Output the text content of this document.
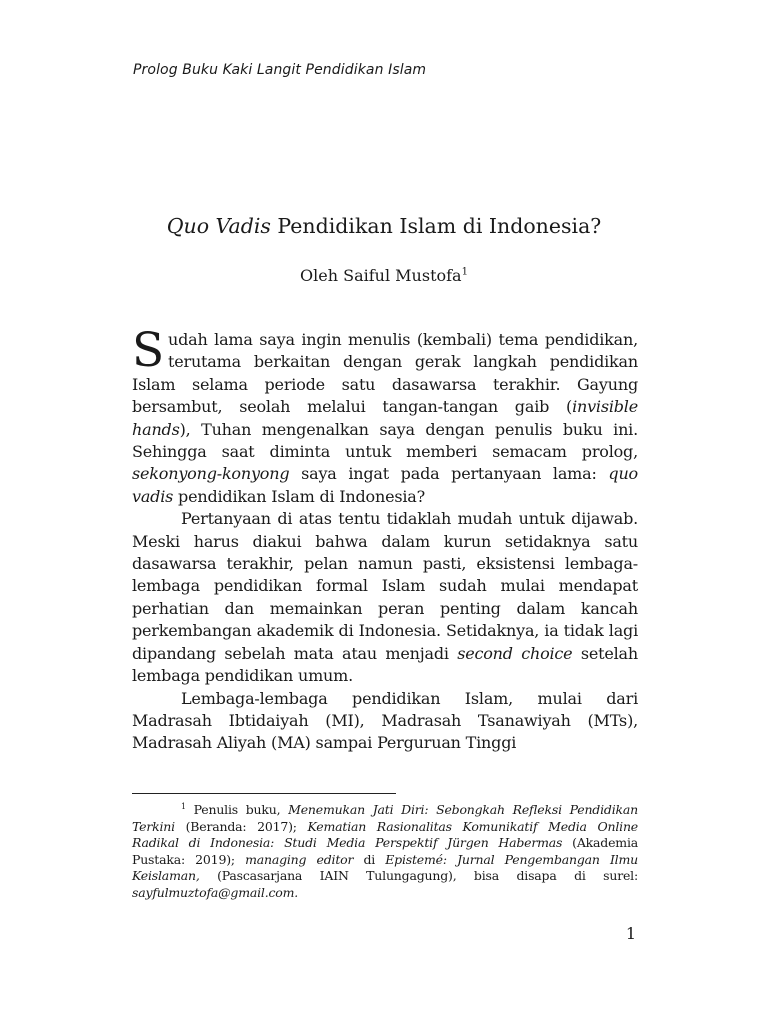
Prolog Buku Kaki Langit Pendidikan Islam
Quo Vadis Pendidikan Islam di Indonesia?
Oleh Saiful Mustofa$^1$

Sudah lama saya ingin menulis (kembali) tema pendidikan, terutama berkaitan dengan gerak langkah pendidikan Islam selama periode satu dasawarsa terakhir. Gayung bersambut, seolah melalui tangan-tangan gaib (invisible hands), Tuhan mengenalkan saya dengan penulis buku ini. Sehingga saat diminta untuk memberi semacam prolog, sekonyong-konyong saya ingat pada pertanyaan lama: quo vadis pendidikan Islam di Indonesia?

Pertanyaan di atas tentu tidaklah mudah untuk dijawab. Meski harus diakui bahwa dalam kurun setidaknya satu dasawarsa terakhir, pelan namun pasti, eksistensi lembaga-lembaga pendidikan formal Islam sudah mulai mendapat perhatian dan memainkan peran penting dalam kancah perkembangan akademik di Indonesia. Setidaknya, ia tidak lagi dipandang sebelah mata atau menjadi second choice setelah lembaga pendidikan umum.

Lembaga-lembaga pendidikan Islam, mulai dari Madrasah Ibtidaiyah (MI), Madrasah Tsanawiyah (MTs), Madrasah Aliyah (MA) sampai Perguruan Tinggi

$^1$ Penulis buku, Menemukan Jati Diri: Sebongkah Refleksi Pendidikan Terkini (Beranda: 2017); Kematian Rasionalitas Komunikatif Media Online Radikal di Indonesia: Studi Media Perspektif Jürgen Habermas (Akademia Pustaka: 2019); managing editor di Epistemé: Jurnal Pengembangan Ilmu Keislaman, (Pascasarjana IAIN Tulungagung), bisa disapa di surel: sayfulmuztofa@gmail.com.
1
